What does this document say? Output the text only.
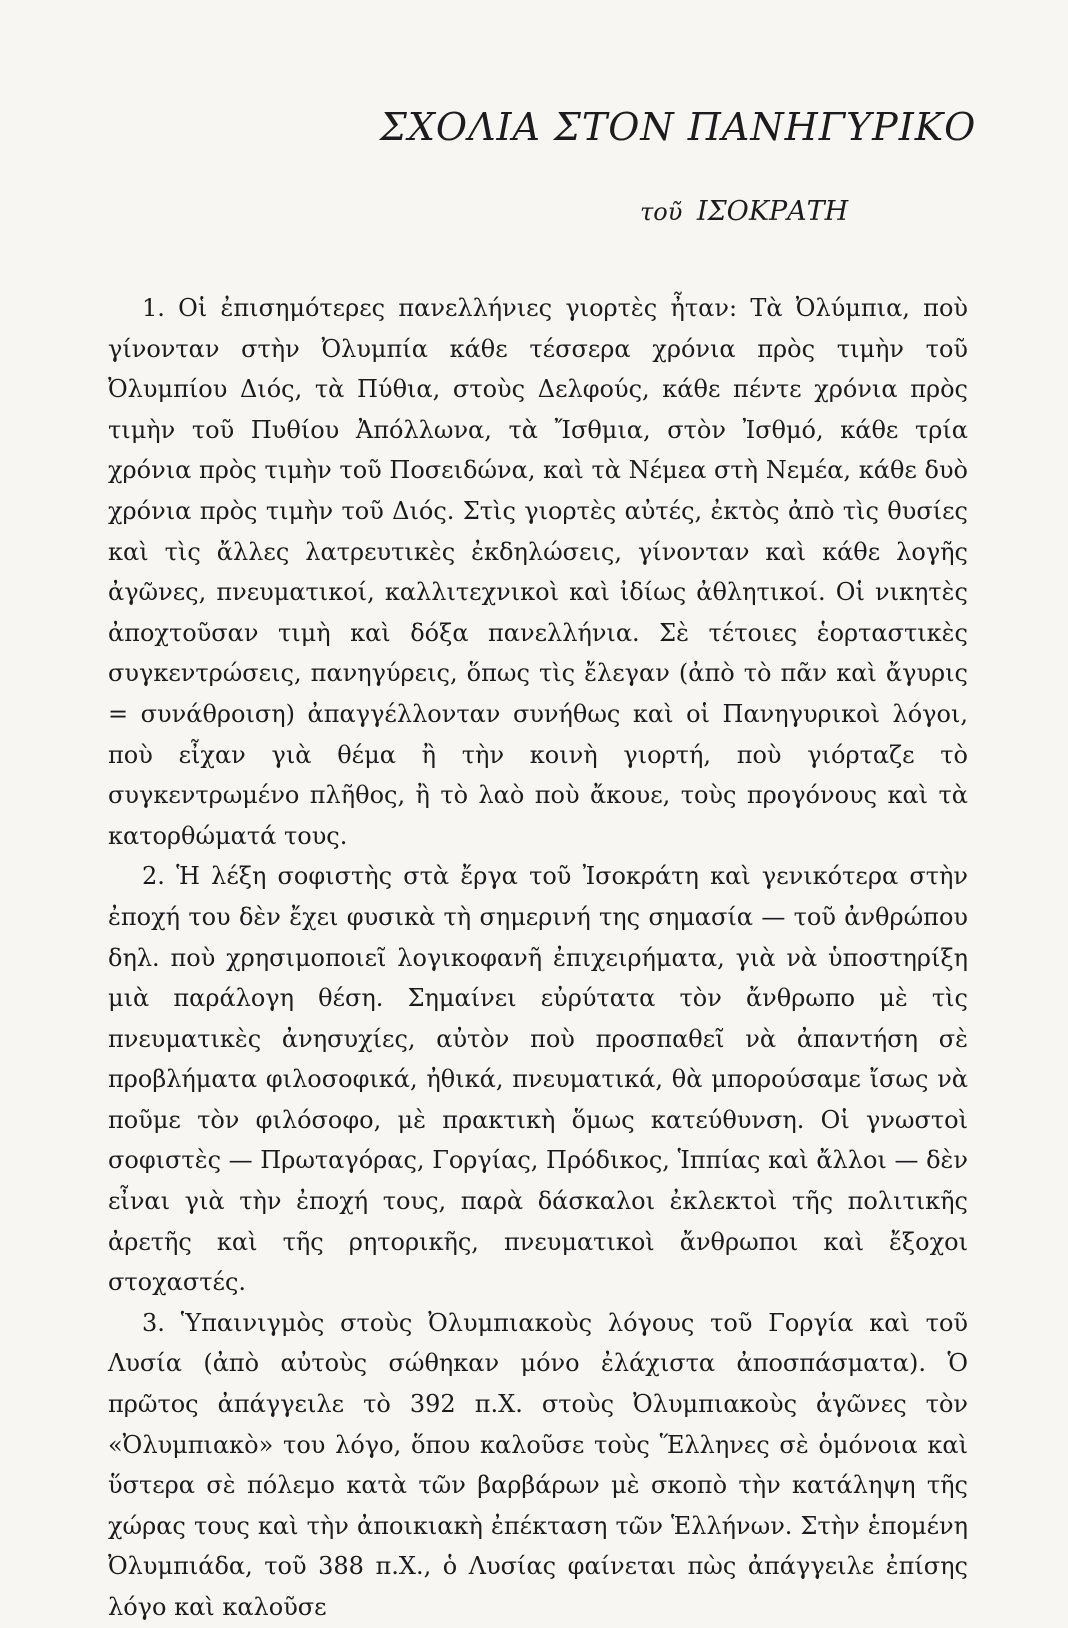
ΣΧΟΛΙΑ ΣΤΟΝ ΠΑΝΗΓΥΡΙΚΟ
τοῦ ΙΣΟΚΡΑΤΗ

1. Οἱ ἐπισημότερες πανελλήνιες γιορτὲς ἦταν: Τὰ Ὀλύμπια, ποὺ γίνονταν στὴν Ὀλυμπία κάθε τέσσερα χρόνια πρὸς τιμὴν τοῦ Ὀλυμπίου Διός, τὰ Πύθια, στοὺς Δελφούς, κάθε πέντε χρόνια πρὸς τιμὴν τοῦ Πυθίου Ἀπόλλωνα, τὰ Ἴσθμια, στὸν Ἰσθμό, κάθε τρία χρόνια πρὸς τιμὴν τοῦ Ποσειδώνα, καὶ τὰ Νέμεα στὴ Νεμέα, κάθε δυὸ χρόνια πρὸς τιμὴν τοῦ Διός. Στὶς γιορτὲς αὐτές, ἐκτὸς ἀπὸ τὶς θυσίες καὶ τὶς ἄλλες λατρευτικὲς ἐκδηλώσεις, γίνονταν καὶ κάθε λογῆς ἀγῶνες, πνευματικοί, καλλιτεχνικοὶ καὶ ἰδίως ἀθλητικοί. Οἱ νικητὲς ἀποχτοῦσαν τιμὴ καὶ δόξα πανελλήνια. Σὲ τέτοιες ἑορταστικὲς συγκεντρώσεις, πανηγύρεις, ὅπως τὶς ἔλεγαν (ἀπὸ τὸ πᾶν καὶ ἄγυρις = συνάθροιση) ἀπαγγέλλονταν συνήθως καὶ οἱ Πανηγυρικοὶ λόγοι, ποὺ εἶχαν γιὰ θέμα ἢ τὴν κοινὴ γιορτή, ποὺ γιόρταζε τὸ συγκεντρωμένο πλῆθος, ἢ τὸ λαὸ ποὺ ἄκουε, τοὺς προγόνους καὶ τὰ κατορθώματά τους.

2. Ἡ λέξη σοφιστὴς στὰ ἔργα τοῦ Ἰσοκράτη καὶ γενικότερα στὴν ἐποχή του δὲν ἔχει φυσικὰ τὴ σημερινή της σημασία — τοῦ ἀνθρώπου δηλ. ποὺ χρησιμοποιεῖ λογικοφανῆ ἐπιχειρήματα, γιὰ νὰ ὑποστηρίξη μιὰ παράλογη θέση. Σημαίνει εὐρύτατα τὸν ἄνθρωπο μὲ τὶς πνευματικὲς ἀνησυχίες, αὐτὸν ποὺ προσπαθεῖ νὰ ἀπαντήση σὲ προβλήματα φιλοσοφικά, ἠθικά, πνευματικά, θὰ μπορούσαμε ἴσως νὰ ποῦμε τὸν φιλόσοφο, μὲ πρακτικὴ ὅμως κατεύθυνση. Οἱ γνωστοὶ σοφιστὲς — Πρωταγόρας, Γοργίας, Πρόδικος, Ἱππίας καὶ ἄλλοι — δὲν εἶναι γιὰ τὴν ἐποχή τους, παρὰ δάσκαλοι ἐκλεκτοὶ τῆς πολιτικῆς ἀρετῆς καὶ τῆς ρητορικῆς, πνευματικοὶ ἄνθρωποι καὶ ἔξοχοι στοχαστές.

3. Ὑπαινιγμὸς στοὺς Ὀλυμπιακοὺς λόγους τοῦ Γοργία καὶ τοῦ Λυσία (ἀπὸ αὐτοὺς σώθηκαν μόνο ἐλάχιστα ἀποσπάσματα). Ὁ πρῶτος ἀπάγγειλε τὸ 392 π.Χ. στοὺς Ὀλυμπιακοὺς ἀγῶνες τὸν «Ὀλυμπιακὸ» του λόγο, ὅπου καλοῦσε τοὺς Ἕλληνες σὲ ὁμόνοια καὶ ὕστερα σὲ πόλεμο κατὰ τῶν βαρβάρων μὲ σκοπὸ τὴν κατάληψη τῆς χώρας τους καὶ τὴν ἀποικιακὴ ἐπέκταση τῶν Ἑλλήνων. Στὴν ἑπομένη Ὀλυμπιάδα, τοῦ 388 π.Χ., ὁ Λυσίας φαίνεται πὼς ἀπάγγειλε ἐπίσης λόγο καὶ καλοῦσε
